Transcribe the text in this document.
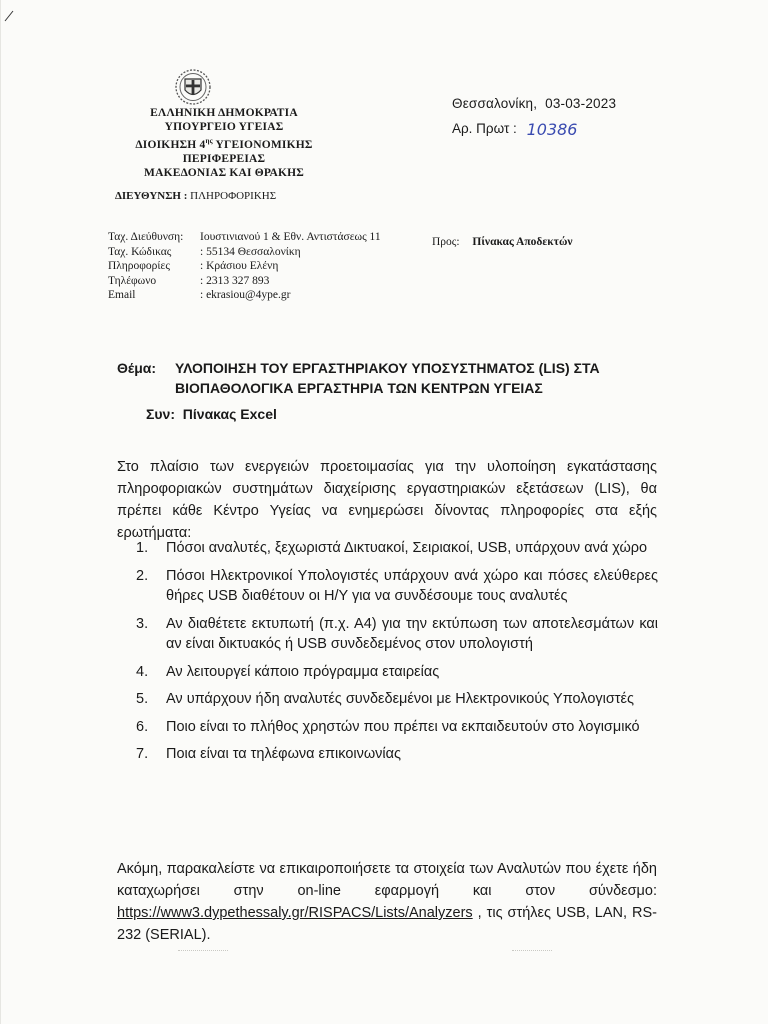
ΕΛΛΗΝΙΚΗ ΔΗΜΟΚΡΑΤΙΑ
ΥΠΟΥΡΓΕΙΟ ΥΓΕΙΑΣ
ΔΙΟΙΚΗΣΗ $4^{\eta\varsigma}$ ΥΓΕΙΟΝΟΜΙΚΗΣ
ΠΕΡΙΦΕΡΕΙΑΣ
ΜΑΚΕΔΟΝΙΑΣ ΚΑΙ ΘΡΑΚΗΣ
ΔΙΕΥΘΥΝΣΗ : ΠΛΗΡΟΦΟΡΙΚΗΣ
Θεσσαλονίκη, 03-03-2023
Αρ. Πρωτ : 10386
Ταχ. Διεύθυνση:	Ιουστινιανού 1 & Εθν. Αντιστάσεως 11
Ταχ. Κώδικας	: 55134 Θεσσαλονίκη
Πληροφορίες	: Κράσιου Ελένη
Τηλέφωνο	: 2313 327 893
Email	: ekrasiou@4ype.gr
Προς: Πίνακας Αποδεκτών
Θέμα:	ΥΛΟΠΟΙΗΣΗ ΤΟΥ ΕΡΓΑΣΤΗΡΙΑΚΟΥ ΥΠΟΣΥΣΤΗΜΑΤΟΣ (LIS) ΣΤΑ
ΒΙΟΠΑΘΟΛΟΓΙΚΑ ΕΡΓΑΣΤΗΡΙΑ ΤΩΝ ΚΕΝΤΡΩΝ ΥΓΕΙΑΣ
Συν:
Πίνακας Excel
Στο πλαίσιο των ενεργειών προετοιμασίας για την υλοποίηση εγκατάστασης πληροφοριακών συστημάτων διαχείρισης εργαστηριακών εξετάσεων (LIS), θα πρέπει κάθε Κέντρο Υγείας να ενημερώσει δίνοντας πληροφορίες στα εξής ερωτήματα:
1.	Πόσοι αναλυτές, ξεχωριστά Δικτυακοί, Σειριακοί, USB, υπάρχουν ανά χώρο
2.	Πόσοι Ηλεκτρονικοί Υπολογιστές υπάρχουν ανά χώρο και πόσες ελεύθερες θήρες USB διαθέτουν οι Η/Υ για να συνδέσουμε τους αναλυτές
3.	Αν διαθέτετε εκτυπωτή (π.χ. Α4) για την εκτύπωση των αποτελεσμάτων και αν είναι δικτυακός ή USB συνδεδεμένος στον υπολογιστή
4.	Αν λειτουργεί κάποιο πρόγραμμα εταιρείας
5.	Αν υπάρχουν ήδη αναλυτές συνδεδεμένοι με Ηλεκτρονικούς Υπολογιστές
6.	Ποιο είναι το πλήθος χρηστών που πρέπει να εκπαιδευτούν στο λογισμικό
7.	Ποια είναι τα τηλέφωνα επικοινωνίας
Ακόμη, παρακαλείστε να επικαιροποιήσετε τα στοιχεία των Αναλυτών που έχετε ήδη καταχωρήσει στην on-line εφαρμογή και στον σύνδεσμο: https://www3.dypethessaly.gr/RISPACS/Lists/Analyzers , τις στήλες USB, LAN, RS-232 (SERIAL).
